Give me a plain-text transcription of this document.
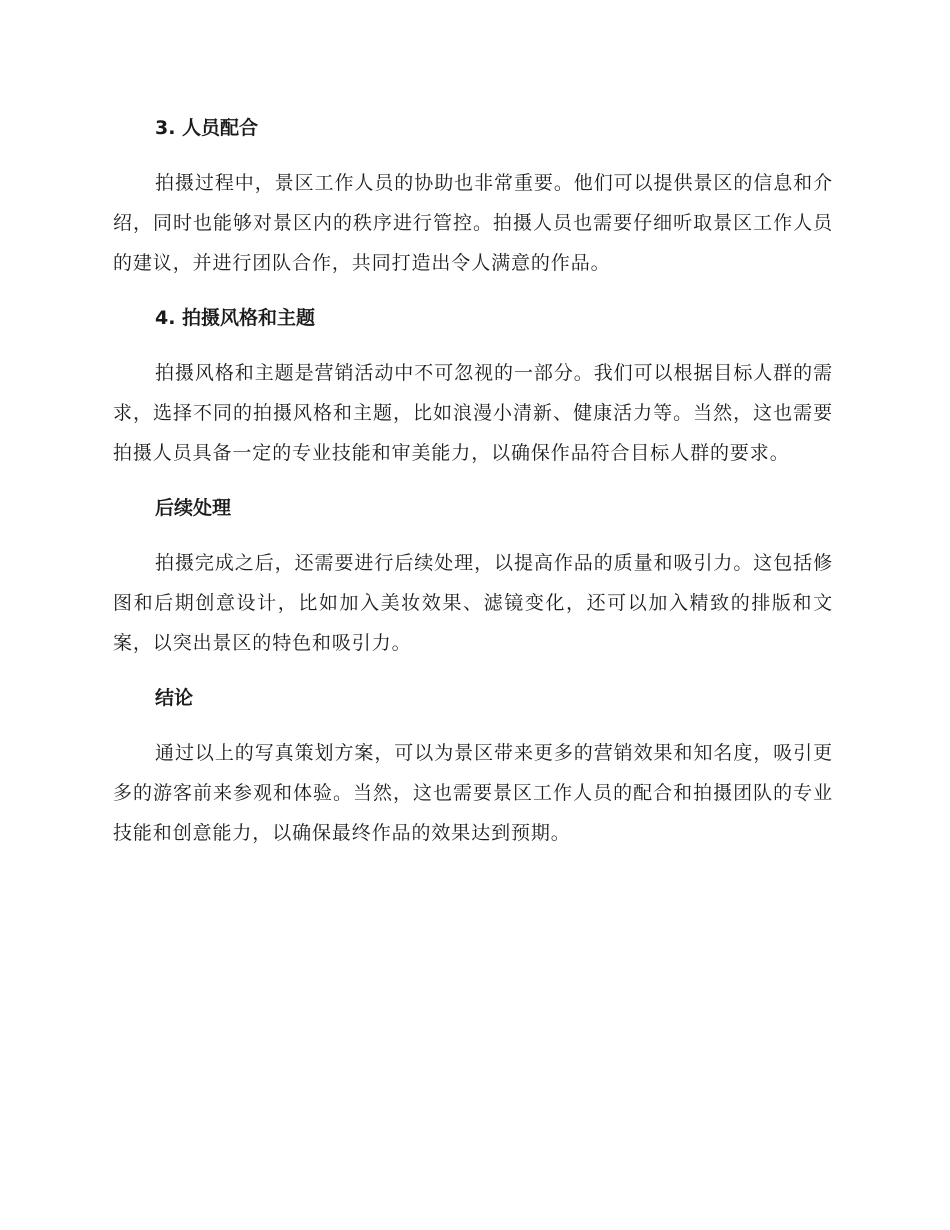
3. 人员配合

拍摄过程中，景区工作人员的协助也非常重要。他们可以提供景区的信息和介绍，同时也能够对景区内的秩序进行管控。拍摄人员也需要仔细听取景区工作人员的建议，并进行团队合作，共同打造出令人满意的作品。

4. 拍摄风格和主题

拍摄风格和主题是营销活动中不可忽视的一部分。我们可以根据目标人群的需求，选择不同的拍摄风格和主题，比如浪漫小清新、健康活力等。当然，这也需要拍摄人员具备一定的专业技能和审美能力，以确保作品符合目标人群的要求。

后续处理

拍摄完成之后，还需要进行后续处理，以提高作品的质量和吸引力。这包括修图和后期创意设计，比如加入美妆效果、滤镜变化，还可以加入精致的排版和文案，以突出景区的特色和吸引力。

结论

通过以上的写真策划方案，可以为景区带来更多的营销效果和知名度，吸引更多的游客前来参观和体验。当然，这也需要景区工作人员的配合和拍摄团队的专业技能和创意能力，以确保最终作品的效果达到预期。
